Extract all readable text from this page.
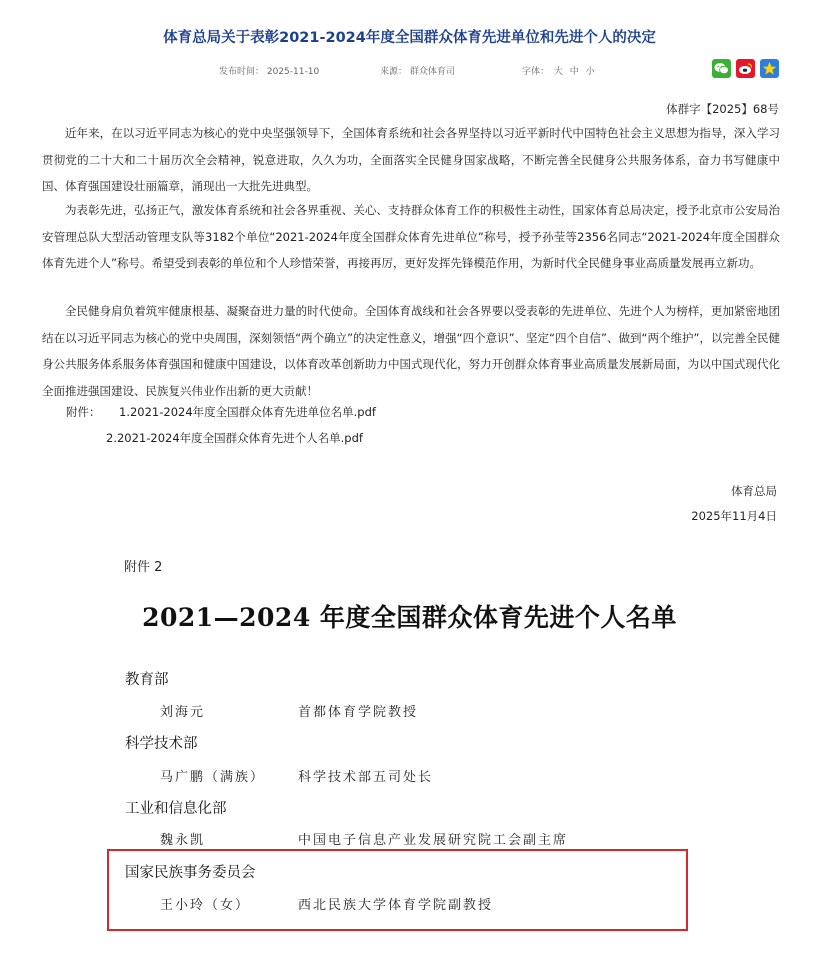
体育总局关于表彰2021-2024年度全国群众体育先进单位和先进个人的决定
发布时间： 2025-11-10	来源： 群众体育司	字体： 大 中 小
体群字【2025】68号

近年来，在以习近平同志为核心的党中央坚强领导下，全国体育系统和社会各界坚持以习近平新时代中国特色社会主义思想为指导，深入学习贯彻党的二十大和二十届历次全会精神，锐意进取，久久为功，全面落实全民健身国家战略，不断完善全民健身公共服务体系，奋力书写健康中国、体育强国建设壮丽篇章，涌现出一大批先进典型。

为表彰先进，弘扬正气，激发体育系统和社会各界重视、关心、支持群众体育工作的积极性主动性，国家体育总局决定，授予北京市公安局治安管理总队大型活动管理支队等3182个单位“2021-2024年度全国群众体育先进单位”称号，授予孙莹等2356名同志“2021-2024年度全国群众体育先进个人”称号。希望受到表彰的单位和个人珍惜荣誉，再接再厉，更好发挥先锋模范作用，为新时代全民健身事业高质量发展再立新功。

全民健身肩负着筑牢健康根基、凝聚奋进力量的时代使命。全国体育战线和社会各界要以受表彰的先进单位、先进个人为榜样，更加紧密地团结在以习近平同志为核心的党中央周围，深刻领悟“两个确立”的决定性意义，增强“四个意识”、坚定“四个自信”、做到“两个维护”，以完善全民健身公共服务体系服务体育强国和健康中国建设，以体育改革创新助力中国式现代化，努力开创群众体育事业高质量发展新局面，为以中国式现代化全面推进强国建设、民族复兴伟业作出新的更大贡献！

附件： 1.2021-2024年度全国群众体育先进单位名单.pdf
2.2021-2024年度全国群众体育先进个人名单.pdf
体育总局
2025年11月4日
附件 2
2021—2024 年度全国群众体育先进个人名单
教育部
刘海元	首都体育学院教授
科学技术部
马广鹏（满族）	科学技术部五司处长
工业和信息化部
魏永凯	中国电子信息产业发展研究院工会副主席
国家民族事务委员会
王小玲（女）	西北民族大学体育学院副教授
